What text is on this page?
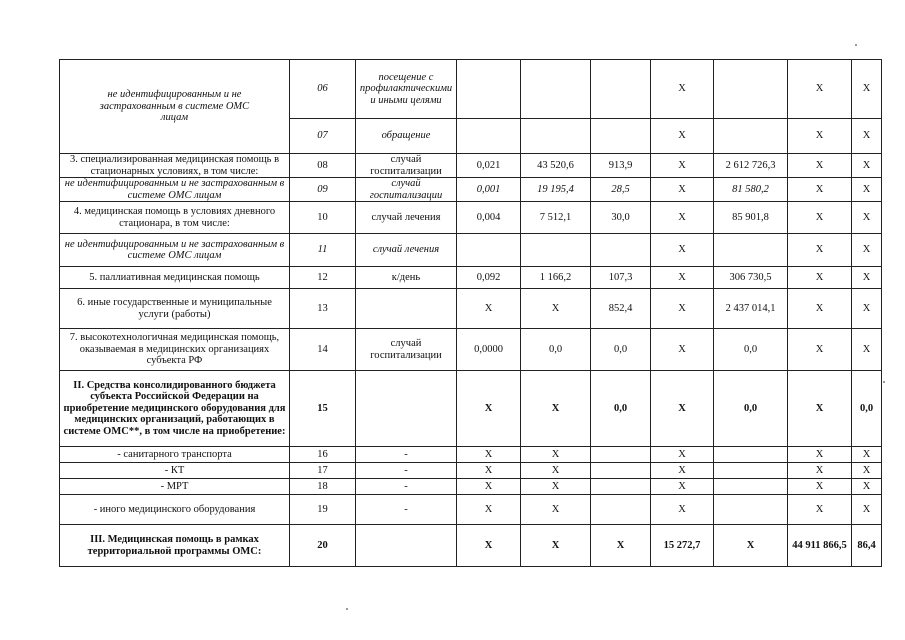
не идентифицированным и не застрахованным в системе ОМС лицам	06	посещение с профилактическими и иными целями				X		X	X
	07	обращение				X		X	X
3. специализированная медицинская помощь в стационарных условиях, в том числе:	08	случай госпитализации	0,021	43 520,6	913,9	X	2 612 726,3	X	X
не идентифицированным и не застрахованным в системе ОМС лицам	09	случай госпитализации	0,001	19 195,4	28,5	X	81 580,2	X	X
4. медицинская помощь в условиях дневного стационара, в том числе:	10	случай лечения	0,004	7 512,1	30,0	X	85 901,8	X	X
не идентифицированным и не застрахованным в системе ОМС лицам	11	случай лечения				X		X	X
5. паллиативная медицинская помощь	12	к/день	0,092	1 166,2	107,3	X	306 730,5	X	X
6. иные государственные и муниципальные услуги (работы)	13		X	X	852,4	X	2 437 014,1	X	X
7. высокотехнологичная медицинская помощь, оказываемая в медицинских организациях субъекта РФ	14	случай госпитализации	0,0000	0,0	0,0	X	0,0	X	X
II. Средства консолидированного бюджета субъекта Российской Федерации на приобретение медицинского оборудования для медицинских организаций, работающих в системе ОМС**, в том числе на приобретение:	15		X	X	0,0	X	0,0	X	0,0
- санитарного транспорта	16	-	X	X		X		X	X
- КТ	17	-	X	X		X		X	X
- МРТ	18	-	X	X		X		X	X
- иного медицинского оборудования	19	-	X	X		X		X	X
III. Медицинская помощь в рамках территориальной программы ОМС:	20		X	X	X	15 272,7	X	44 911 866,5	86,4
